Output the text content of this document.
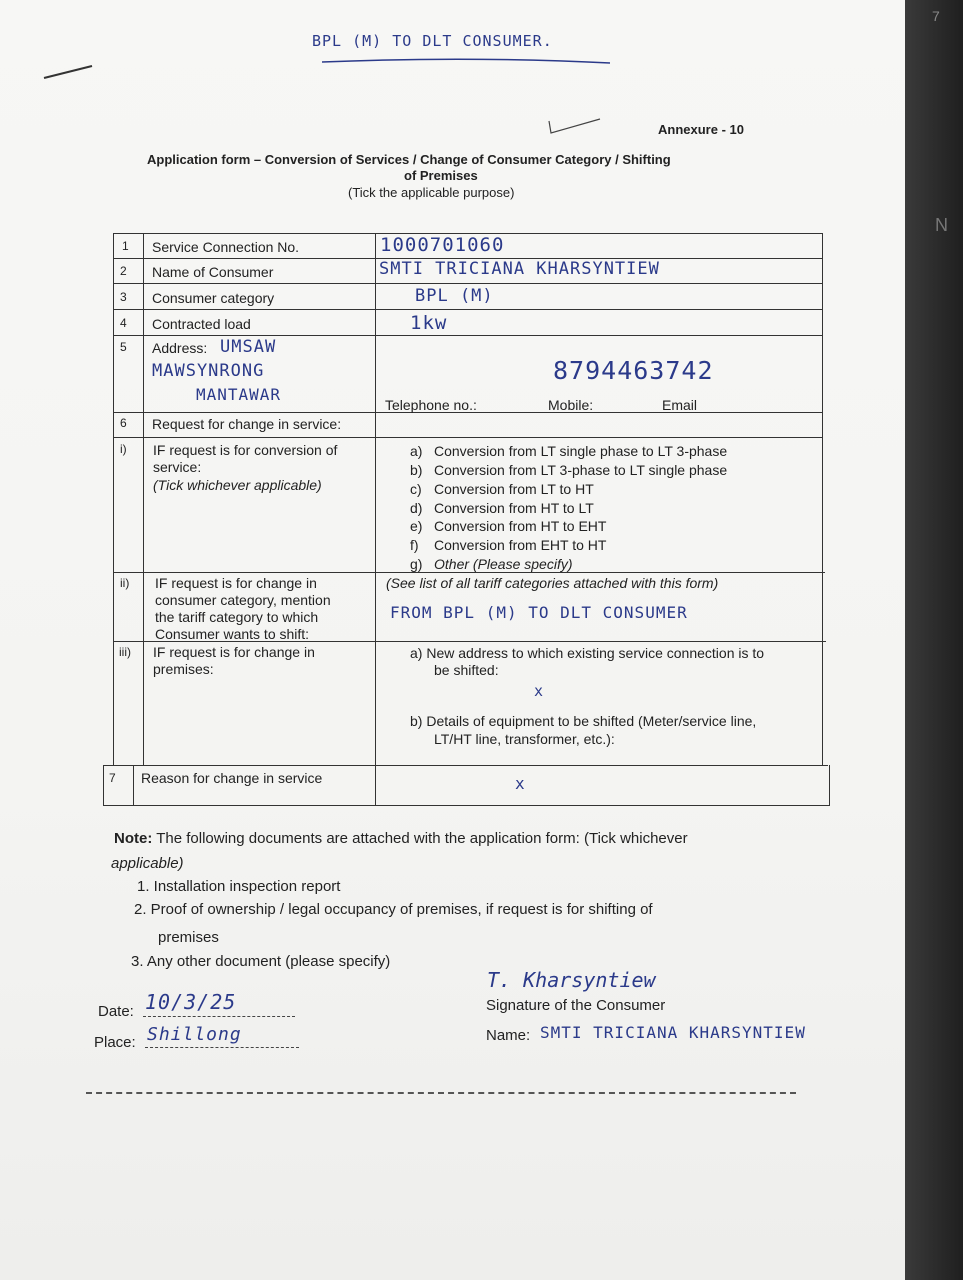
7
N
BPL (M) TO DLT CONSUMER.
Annexure - 10
Application form – Conversion of Services / Change of Consumer Category / Shifting
of Premises
(Tick the applicable purpose)
1 Service Connection No.	1000701060
2 Name of Consumer	SMTI TRICIANA KHARSYNTIEW
3 Consumer category	BPL (M)
4 Contracted load	1kw
5 Address: UMSAW
MAWSYNRONG
MANTAWAR
8794463742
Telephone no.:	Mobile:	Email
6 Request for change in service:
i) IF request is for conversion of
service:
(Tick whichever applicable)
a) Conversion from LT single phase to LT 3-phase
b) Conversion from LT 3-phase to LT single phase
c) Conversion from LT to HT
d) Conversion from HT to LT
e) Conversion from HT to EHT
f) Conversion from EHT to HT
g) Other (Please specify)
ii) IF request is for change in
consumer category, mention
the tariff category to which
Consumer wants to shift:
(See list of all tariff categories attached with this form)
FROM BPL (M) TO DLT CONSUMER
iii) IF request is for change in
premises:
a) New address to which existing service connection is to
be shifted:
x
b) Details of equipment to be shifted (Meter/service line,
LT/HT line, transformer, etc.):
7 Reason for change in service	x
Note: The following documents are attached with the application form: (Tick whichever
applicable)
1. Installation inspection report
2. Proof of ownership / legal occupancy of premises, if request is for shifting of
premises
3. Any other document (please specify)
Date: 10/3/25
Place: Shillong
T. Kharsyntiew
Signature of the Consumer
Name: SMTI TRICIANA KHARSYNTIEW
